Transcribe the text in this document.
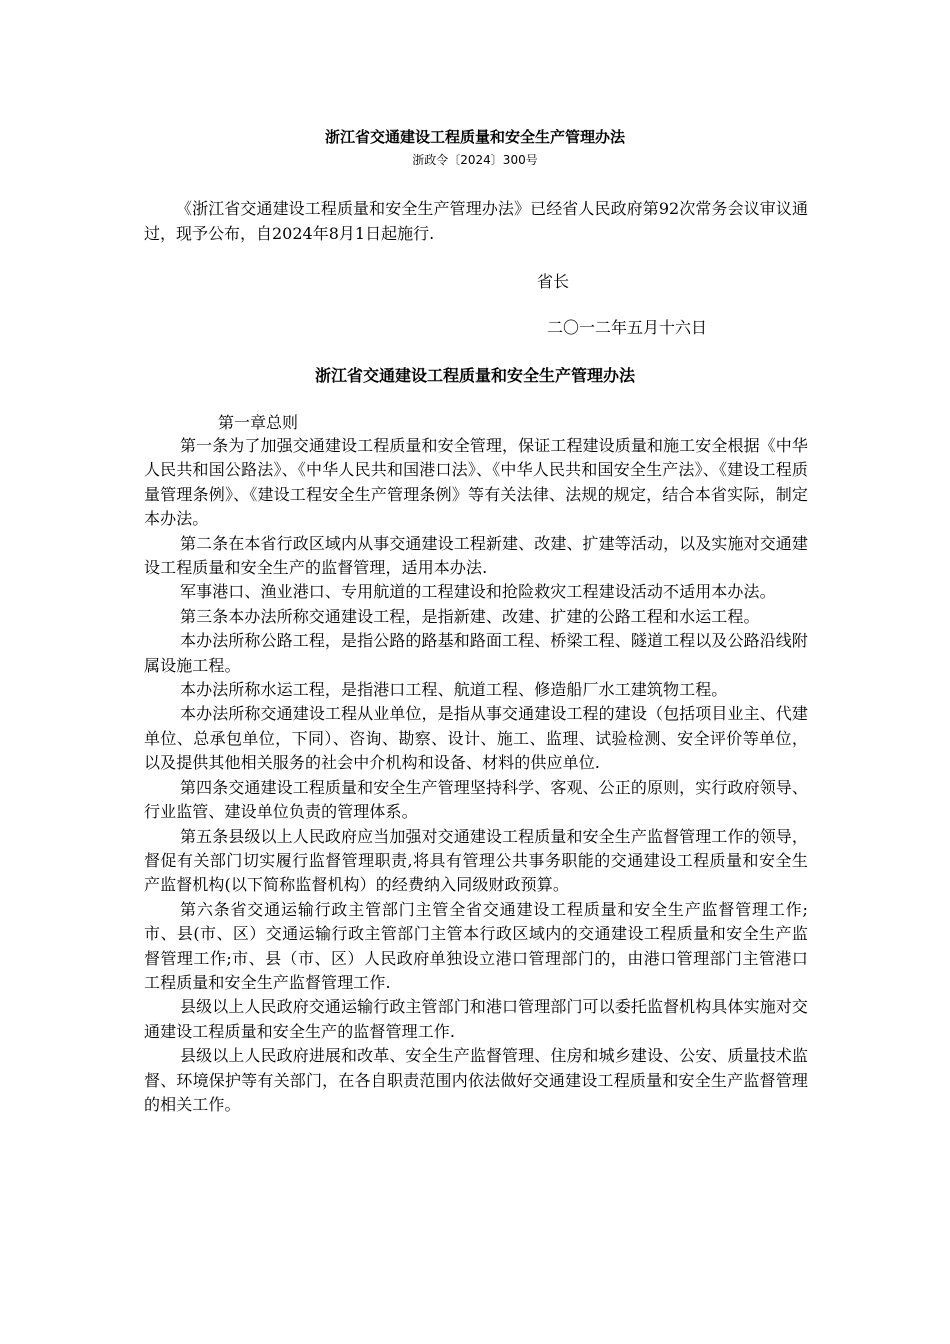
浙江省交通建设工程质量和安全生产管理办法
浙政令〔2024〕300号
《浙江省交通建设工程质量和安全生产管理办法》已经省人民政府第92次常务会议审议通过，现予公布，自2024年8月1日起施行.
省长
二〇一二年五月十六日
浙江省交通建设工程质量和安全生产管理办法
第一章总则

第一条为了加强交通建设工程质量和安全管理，保证工程建设质量和施工安全根据《中华人民共和国公路法》、《中华人民共和国港口法》、《中华人民共和国安全生产法》、《建设工程质量管理条例》、《建设工程安全生产管理条例》等有关法律、法规的规定，结合本省实际，制定本办法。

第二条在本省行政区域内从事交通建设工程新建、改建、扩建等活动，以及实施对交通建设工程质量和安全生产的监督管理，适用本办法.

军事港口、渔业港口、专用航道的工程建设和抢险救灾工程建设活动不适用本办法。

第三条本办法所称交通建设工程，是指新建、改建、扩建的公路工程和水运工程。

本办法所称公路工程，是指公路的路基和路面工程、桥梁工程、隧道工程以及公路沿线附属设施工程。

本办法所称水运工程，是指港口工程、航道工程、修造船厂水工建筑物工程。

本办法所称交通建设工程从业单位，是指从事交通建设工程的建设（包括项目业主、代建单位、总承包单位，下同）、咨询、勘察、设计、施工、监理、试验检测、安全评价等单位，以及提供其他相关服务的社会中介机构和设备、材料的供应单位.

第四条交通建设工程质量和安全生产管理坚持科学、客观、公正的原则，实行政府领导、行业监管、建设单位负责的管理体系。

第五条县级以上人民政府应当加强对交通建设工程质量和安全生产监督管理工作的领导，督促有关部门切实履行监督管理职责,将具有管理公共事务职能的交通建设工程质量和安全生产监督机构(以下简称监督机构）的经费纳入同级财政预算。

第六条省交通运输行政主管部门主管全省交通建设工程质量和安全生产监督管理工作;市、县(市、区）交通运输行政主管部门主管本行政区域内的交通建设工程质量和安全生产监督管理工作;市、县（市、区）人民政府单独设立港口管理部门的，由港口管理部门主管港口工程质量和安全生产监督管理工作.

县级以上人民政府交通运输行政主管部门和港口管理部门可以委托监督机构具体实施对交通建设工程质量和安全生产的监督管理工作.

县级以上人民政府进展和改革、安全生产监督管理、住房和城乡建设、公安、质量技术监督、环境保护等有关部门，在各自职责范围内依法做好交通建设工程质量和安全生产监督管理的相关工作。
